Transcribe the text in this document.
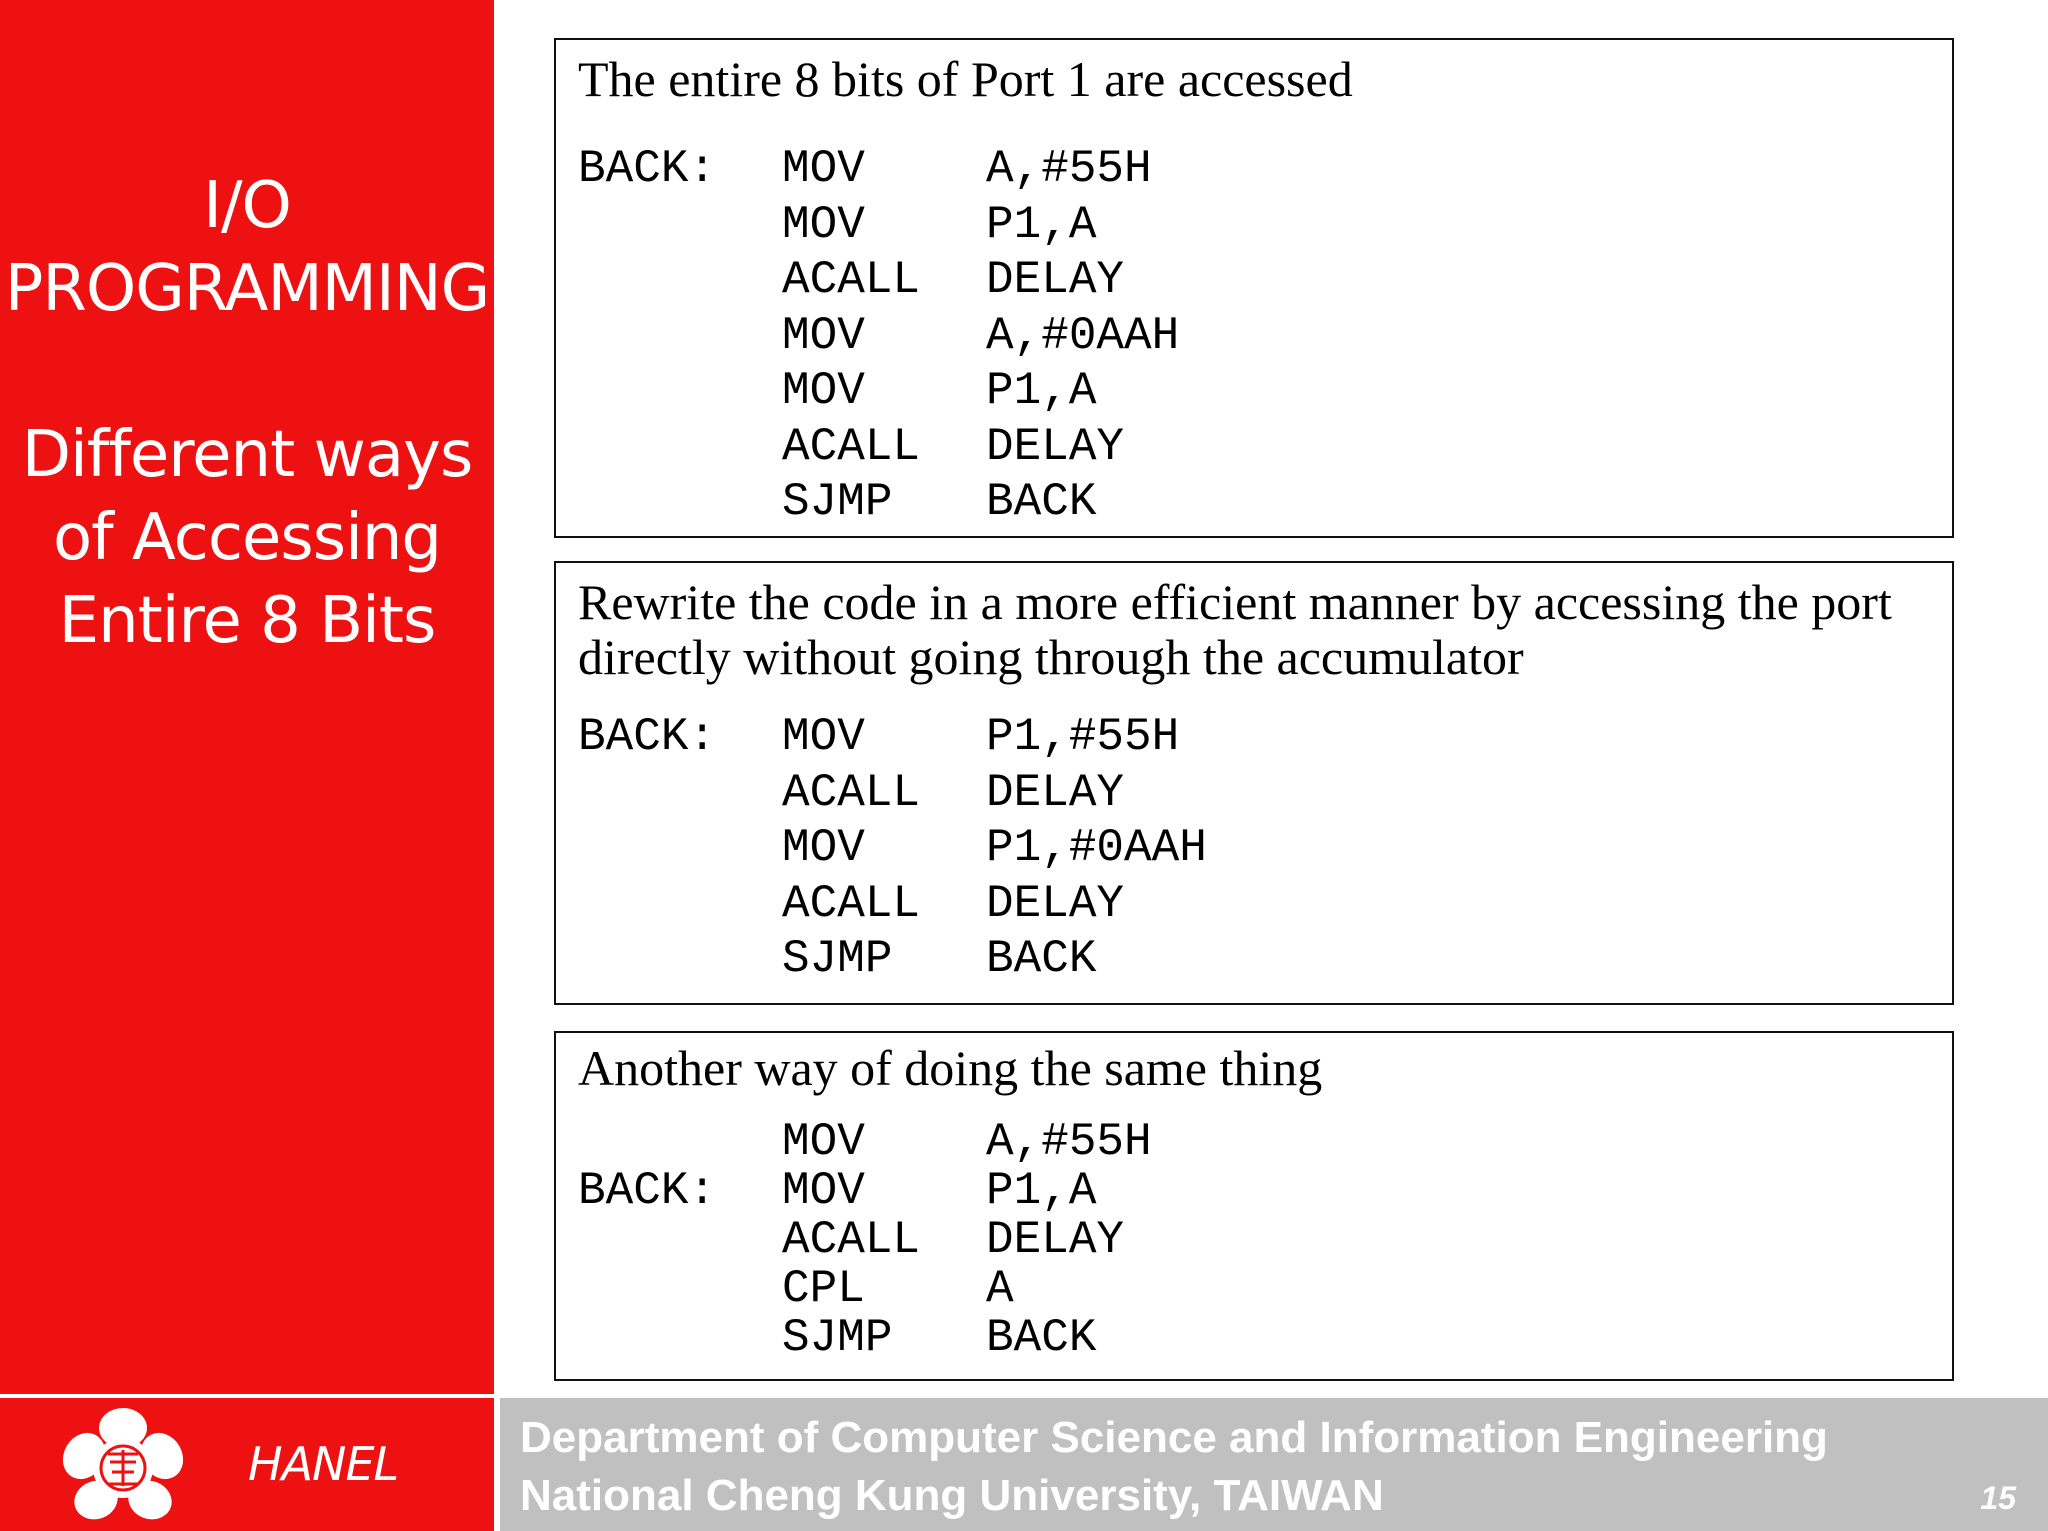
I/O
PROGRAMMING
Different ways
of Accessing
Entire 8 Bits
The entire 8 bits of Port 1 are accessed
BACK: MOV	A,#55H
MOV	P1,A
ACALL DELAY
MOV	A,#0AAH
MOV	P1,A
ACALL DELAY
SJMP BACK
Rewrite the code in a more efficient manner by accessing the port
directly without going through the accumulator
BACK: MOV	P1,#55H
ACALL DELAY
MOV	P1,#0AAH
ACALL DELAY
SJMP BACK
Another way of doing the same thing
MOV	A,#55H
BACK: MOV	P1,A
ACALL DELAY
CPL	A
SJMP BACK
HANEL	Department of Computer Science and Information Engineering
National Cheng Kung University, TAIWAN	15
